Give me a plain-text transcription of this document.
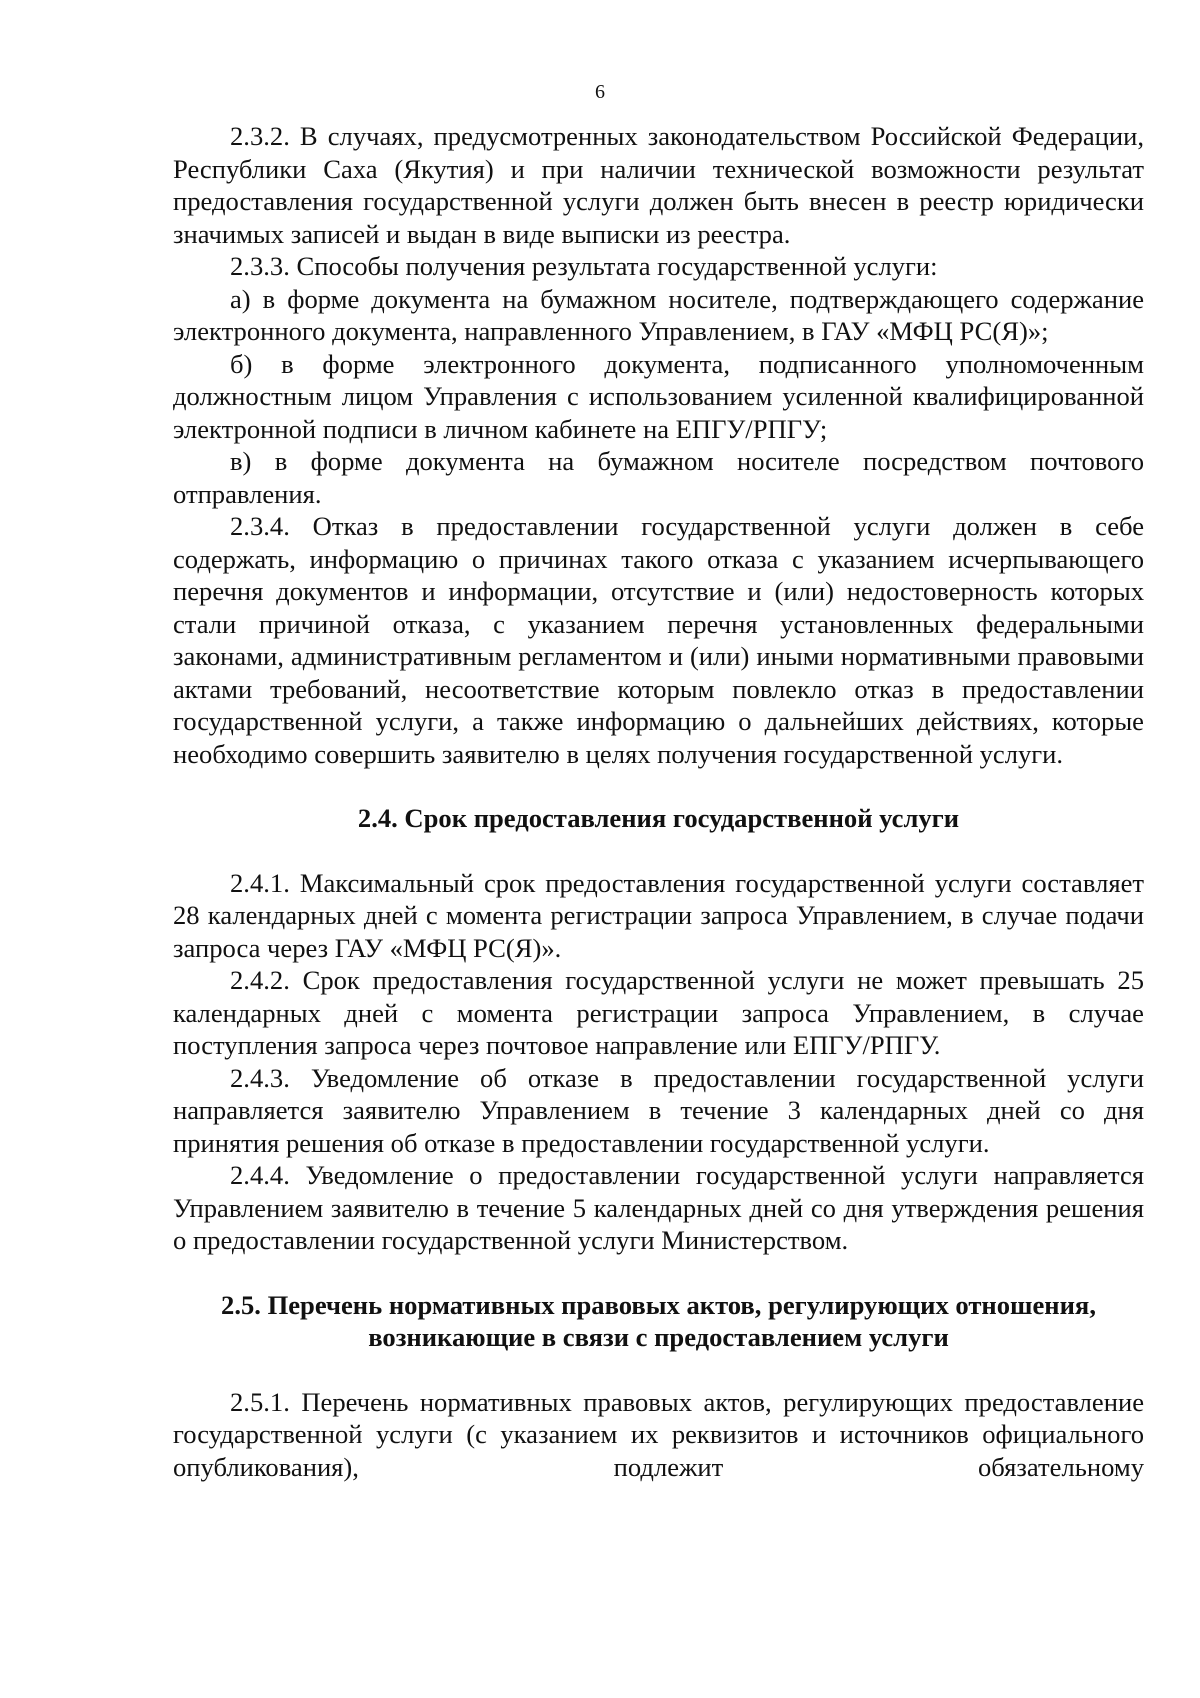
6

2.3.2. В случаях, предусмотренных законодательством Российской Федерации, Республики Саха (Якутия) и при наличии технической возможности результат предоставления государственной услуги должен быть внесен в реестр юридически значимых записей и выдан в виде выписки из реестра.

2.3.3. Способы получения результата государственной услуги:

а) в форме документа на бумажном носителе, подтверждающего содержание электронного документа, направленного Управлением, в ГАУ «МФЦ РС(Я)»;

б) в форме электронного документа, подписанного уполномоченным должностным лицом Управления с использованием усиленной квалифицированной электронной подписи в личном кабинете на ЕПГУ/РПГУ;

в) в форме документа на бумажном носителе посредством почтового отправления.

2.3.4. Отказ в предоставлении государственной услуги должен в себе содержать, информацию о причинах такого отказа с указанием исчерпывающего перечня документов и информации, отсутствие и (или) недостоверность которых стали причиной отказа, с указанием перечня установленных федеральными законами, административным регламентом и (или) иными нормативными правовыми актами требований, несоответствие которым повлекло отказ в предоставлении государственной услуги, а также информацию о дальнейших действиях, которые необходимо совершить заявителю в целях получения государственной услуги.

2.4. Срок предоставления государственной услуги

2.4.1. Максимальный срок предоставления государственной услуги составляет 28 календарных дней с момента регистрации запроса Управлением, в случае подачи запроса через ГАУ «МФЦ РС(Я)».

2.4.2. Срок предоставления государственной услуги не может превышать 25 календарных дней с момента регистрации запроса Управлением, в случае поступления запроса через почтовое направление или ЕПГУ/РПГУ.

2.4.3. Уведомление об отказе в предоставлении государственной услуги направляется заявителю Управлением в течение 3 календарных дней со дня принятия решения об отказе в предоставлении государственной услуги.

2.4.4. Уведомление о предоставлении государственной услуги направляется Управлением заявителю в течение 5 календарных дней со дня утверждения решения о предоставлении государственной услуги Министерством.

2.5. Перечень нормативных правовых актов, регулирующих отношения,
возникающие в связи с предоставлением услуги

2.5.1. Перечень нормативных правовых актов, регулирующих предоставление государственной услуги (с указанием их реквизитов и источников официального опубликования), подлежит обязательному
